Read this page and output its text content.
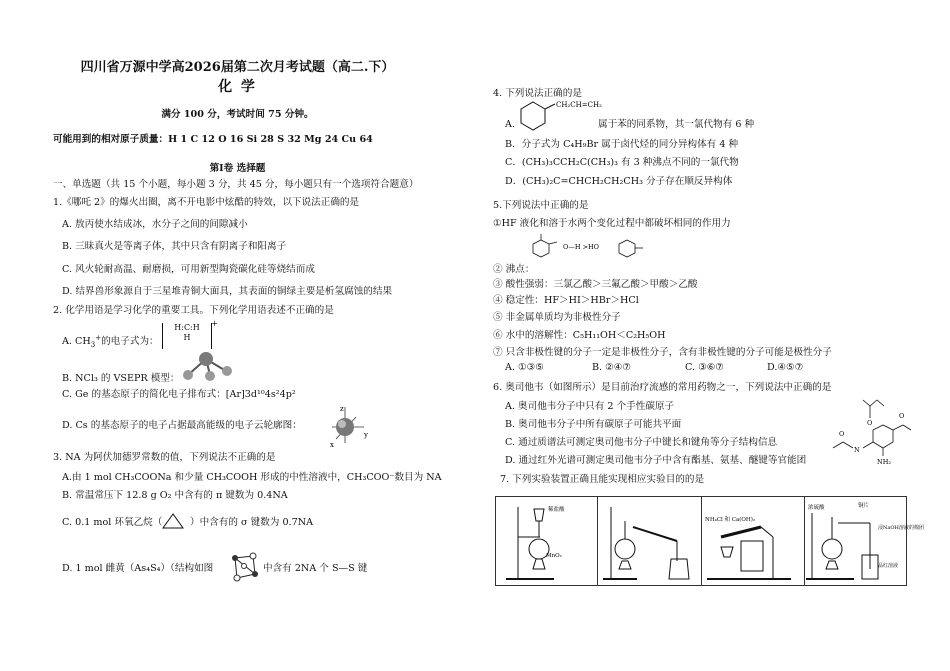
四川省万源中学高2026届第二次月考试题（高二.下）
化 学
满分 100 分，考试时间 75 分钟。
可能用到的相对原子质量：H 1 C 12 O 16 Si 28 S 32 Mg 24 Cu 64
第Ⅰ卷 选择题
一、单选题（共 15 个小题，每小题 3 分，共 45 分，每小题只有一个选项符合题意）
1.《哪吒 2》的爆火出圈，离不开电影中炫酷的特效，以下说法正确的是
A. 敖丙使水结成冰，水分子之间的间隙减小
B. 三昧真火是等离子体，其中只含有阴离子和阳离子
C. 风火轮耐高温、耐磨损，可用新型陶瓷碳化硅等烧结而成
D. 结界兽形象源自于三星堆青铜大面具，其表面的铜绿主要是析氢腐蚀的结果
2. 化学用语是学习化学的重要工具。下列化学用语表述不正确的是
A. $CH_3^+$的电子式为：
H:C:H
H
+
B. NCl₃ 的 VSEPR 模型：
C. Ge 的基态原子的简化电子排布式：[Ar]3d¹⁰4s²4p²
D. Cs 的基态原子的电子占据最高能级的电子云轮廓图：
z
y
x
3. NA 为阿伏加德罗常数的值，下列说法不正确的是
A.由 1 mol CH₃COONa 和少量 CH₃COOH 形成的中性溶液中，CH₃COO⁻数目为 NA
B. 常温常压下 12.8 g O₂ 中含有的 π 键数为 0.4NA
C. 0.1 mol 环氧乙烷（	）中含有的 σ 键数为 0.7NA
D. 1 mol 雌黄（As₄S₄）（结构如图	中含有 2NA 个 S—S 键
4. 下列说法正确的是
A.
CH₂CH=CH₂
属于苯的同系物，其一氯代物有 6 种
B．分子式为 C₄H₉Br 属于卤代烃的同分异构体有 4 种
C．(CH₃)₃CCH₂C(CH₃)₃ 有 3 种沸点不同的一氯代物
D．(CH₃)₂C=CHCH₂CH₂CH₃ 分子存在顺反异构体
5.下列说法中正确的是
①HF 液化和溶于水两个变化过程中都破坏相同的作用力
O—H >HO
② 沸点：
③ 酸性强弱：三氯乙酸＞三氟乙酸＞甲酸＞乙酸
④ 稳定性：HF＞HI＞HBr＞HCl
⑤ 非金属单质均为非极性分子
⑥ 水中的溶解性：C₅H₁₁OH＜C₂H₅OH
⑦ 只含非极性键的分子一定是非极性分子，含有非极性键的分子可能是极性分子
A. ①③⑤	B. ②④⑦	C. ③⑥⑦	D.④⑤⑦
6. 奥司他韦（如图所示）是目前治疗流感的常用药物之一，下列说法中正确的是
A. 奥司他韦分子中只有 2 个手性碳原子
B. 奥司他韦分子中所有碳原子可能共平面
C. 通过质谱法可测定奥司他韦分子中键长和键角等分子结构信息
D. 通过红外光谱可测定奥司他韦分子中含有酯基、氨基、醚键等官能团
O
O
N
O
NH₂
7. 下列实验装置正确且能实现相应实验目的的是
稀盐酸
MnO₂
NH₄Cl 和 Ca(OH)₂
浓硫酸	铜片
浸NaOH溶液的棉团
品红溶液
